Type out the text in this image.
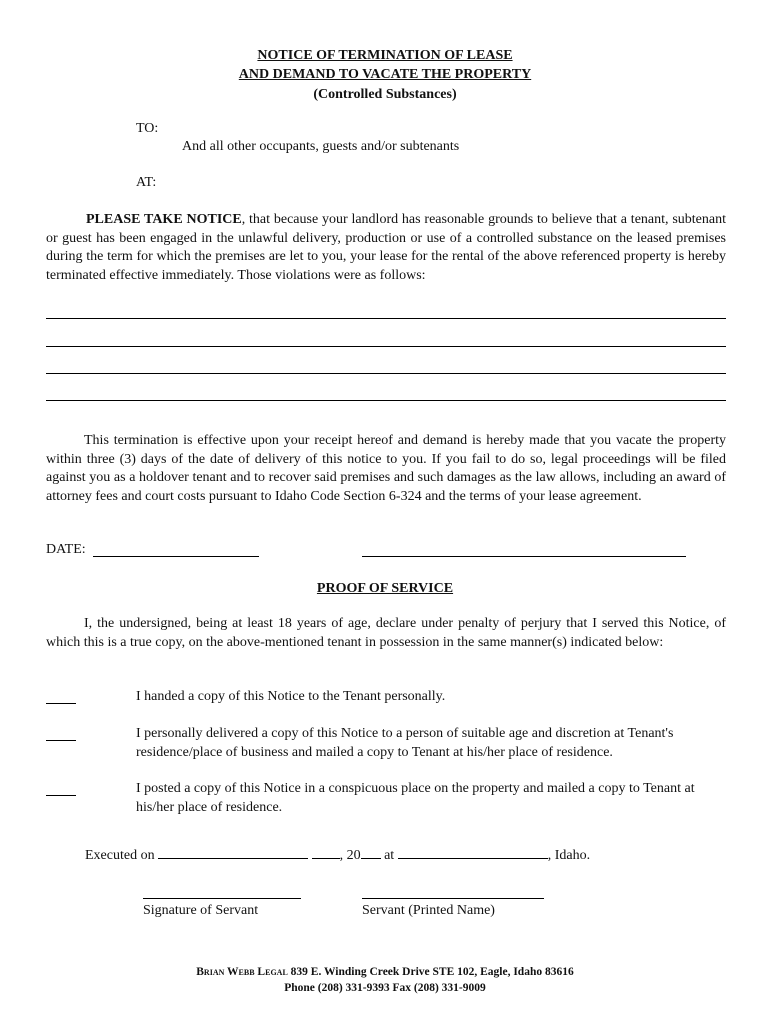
NOTICE OF TERMINATION OF LEASE
AND DEMAND TO VACATE THE PROPERTY
(Controlled Substances)
TO:
And all other occupants, guests and/or subtenants
AT:
PLEASE TAKE NOTICE, that because your landlord has reasonable grounds to believe that a tenant, subtenant or guest has been engaged in the unlawful delivery, production or use of a controlled substance on the leased premises during the term for which the premises are let to you, your lease for the rental of the above referenced property is hereby terminated effective immediately. Those violations were as follows:
This termination is effective upon your receipt hereof and demand is hereby made that you vacate the property within three (3) days of the date of delivery of this notice to you. If you fail to do so, legal proceedings will be filed against you as a holdover tenant and to recover said premises and such damages as the law allows, including an award of attorney fees and court costs pursuant to Idaho Code Section 6-324 and the terms of your lease agreement.
DATE:
PROOF OF SERVICE
I, the undersigned, being at least 18 years of age, declare under penalty of perjury that I served this Notice, of which this is a true copy, on the above-mentioned tenant in possession in the same manner(s) indicated below:
I handed a copy of this Notice to the Tenant personally.
I personally delivered a copy of this Notice to a person of suitable age and discretion at Tenant's residence/place of business and mailed a copy to Tenant at his/her place of residence.
I posted a copy of this Notice in a conspicuous place on the property and mailed a copy to Tenant at his/her place of residence.
Executed on	, 20 at	, Idaho.
Signature of Servant	Servant (Printed Name)
Brian Webb Legal 839 E. Winding Creek Drive STE 102, Eagle, Idaho 83616
Phone (208) 331-9393 Fax (208) 331-9009
